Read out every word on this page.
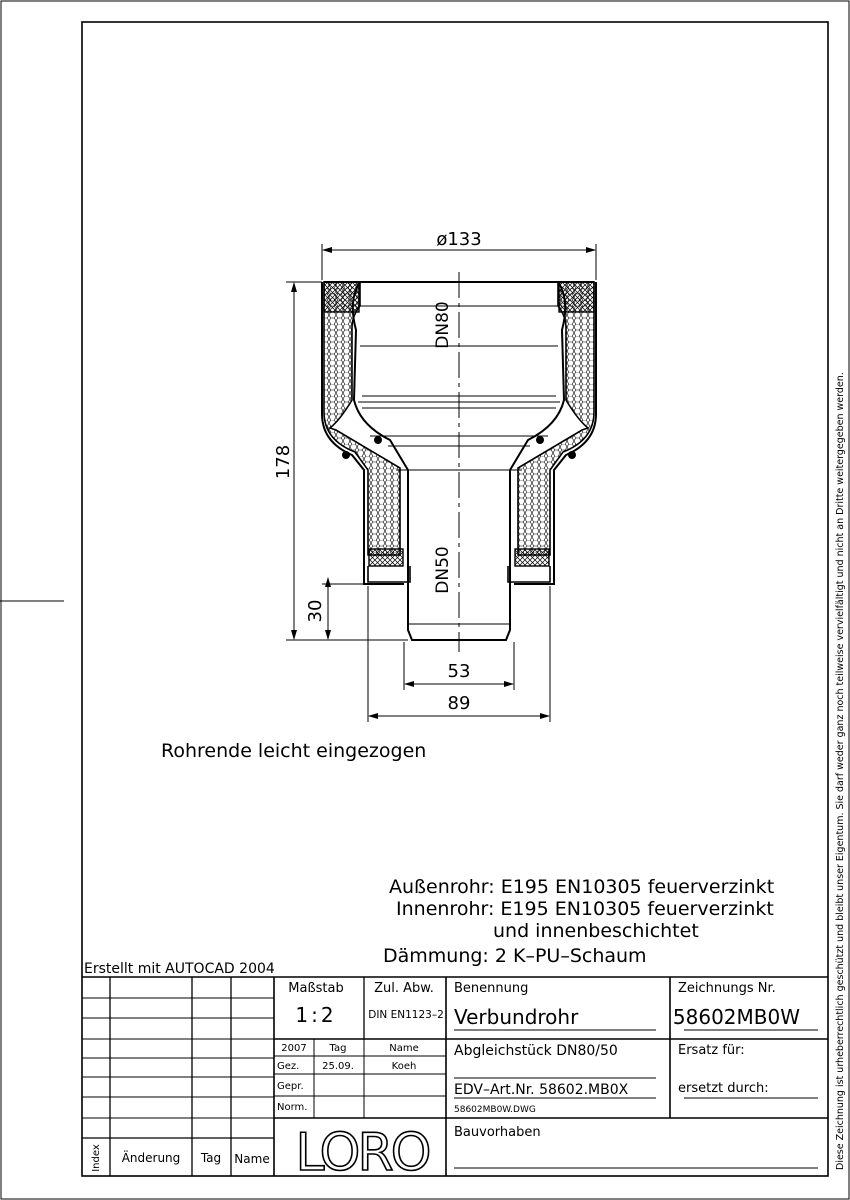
ø133
178
30
53
89
DN80
DN50
Rohrende leicht eingezogen
Außenrohr: E195 EN10305 feuerverzinkt
Innenrohr: E195 EN10305 feuerverzinkt
und innenbeschichtet
Dämmung: 2 K–PU–Schaum
Erstellt mit AUTOCAD 2004	Diese Zeichnung ist urheberrechtlich geschützt und bleibt unser Eigentum. Sie darf weder ganz noch teilweise vervielfältigt und nicht an Dritte weitergegeben werden.
Index Änderung Tag Name
Maßstab
1:2
Zul. Abw.
DIN EN1123–2
2007 Tag	Name
Gez. 25.09.	Koeh
Gepr.
Norm.
Benennung
Verbundrohr
Abgleichstück DN80/50
EDV–Art.Nr. 58602.MB0X
58602MB0W.DWG
Bauvorhaben
Zeichnungs Nr.
58602MB0W
Ersatz für:
ersetzt durch:
LORO
